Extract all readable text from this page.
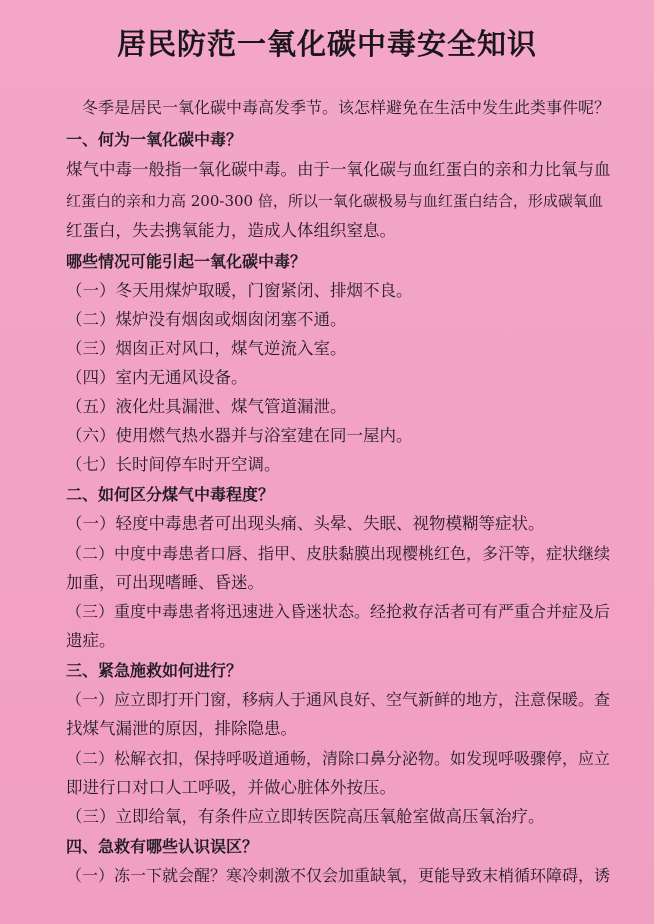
居民防范一氧化碳中毒安全知识
冬季是居民一氧化碳中毒高发季节。该怎样避免在生活中发生此类事件呢？
一、何为一氧化碳中毒？
煤气中毒一般指一氧化碳中毒。由于一氧化碳与血红蛋白的亲和力比氧与血
红蛋白的亲和力高 200-300 倍，所以一氧化碳极易与血红蛋白结合，形成碳氧血
红蛋白，失去携氧能力，造成人体组织窒息。
哪些情况可能引起一氧化碳中毒？
（一）冬天用煤炉取暖，门窗紧闭、排烟不良。
（二）煤炉没有烟囱或烟囱闭塞不通。
（三）烟囱正对风口，煤气逆流入室。
（四）室内无通风设备。
（五）液化灶具漏泄、煤气管道漏泄。
（六）使用燃气热水器并与浴室建在同一屋内。
（七）长时间停车时开空调。
二、如何区分煤气中毒程度？
（一）轻度中毒患者可出现头痛、头晕、失眠、视物模糊等症状。
（二）中度中毒患者口唇、指甲、皮肤黏膜出现樱桃红色，多汗等，症状继续
加重，可出现嗜睡、昏迷。
（三）重度中毒患者将迅速进入昏迷状态。经抢救存活者可有严重合并症及后
遗症。
三、紧急施救如何进行？
（一）应立即打开门窗，移病人于通风良好、空气新鲜的地方，注意保暖。查
找煤气漏泄的原因，排除隐患。
（二）松解衣扣，保持呼吸道通畅，清除口鼻分泌物。如发现呼吸骤停，应立
即进行口对口人工呼吸，并做心脏体外按压。
（三）立即给氧，有条件应立即转医院高压氧舱室做高压氧治疗。
四、急救有哪些认识误区？
（一）冻一下就会醒？寒冷刺激不仅会加重缺氧，更能导致末梢循环障碍，诱
